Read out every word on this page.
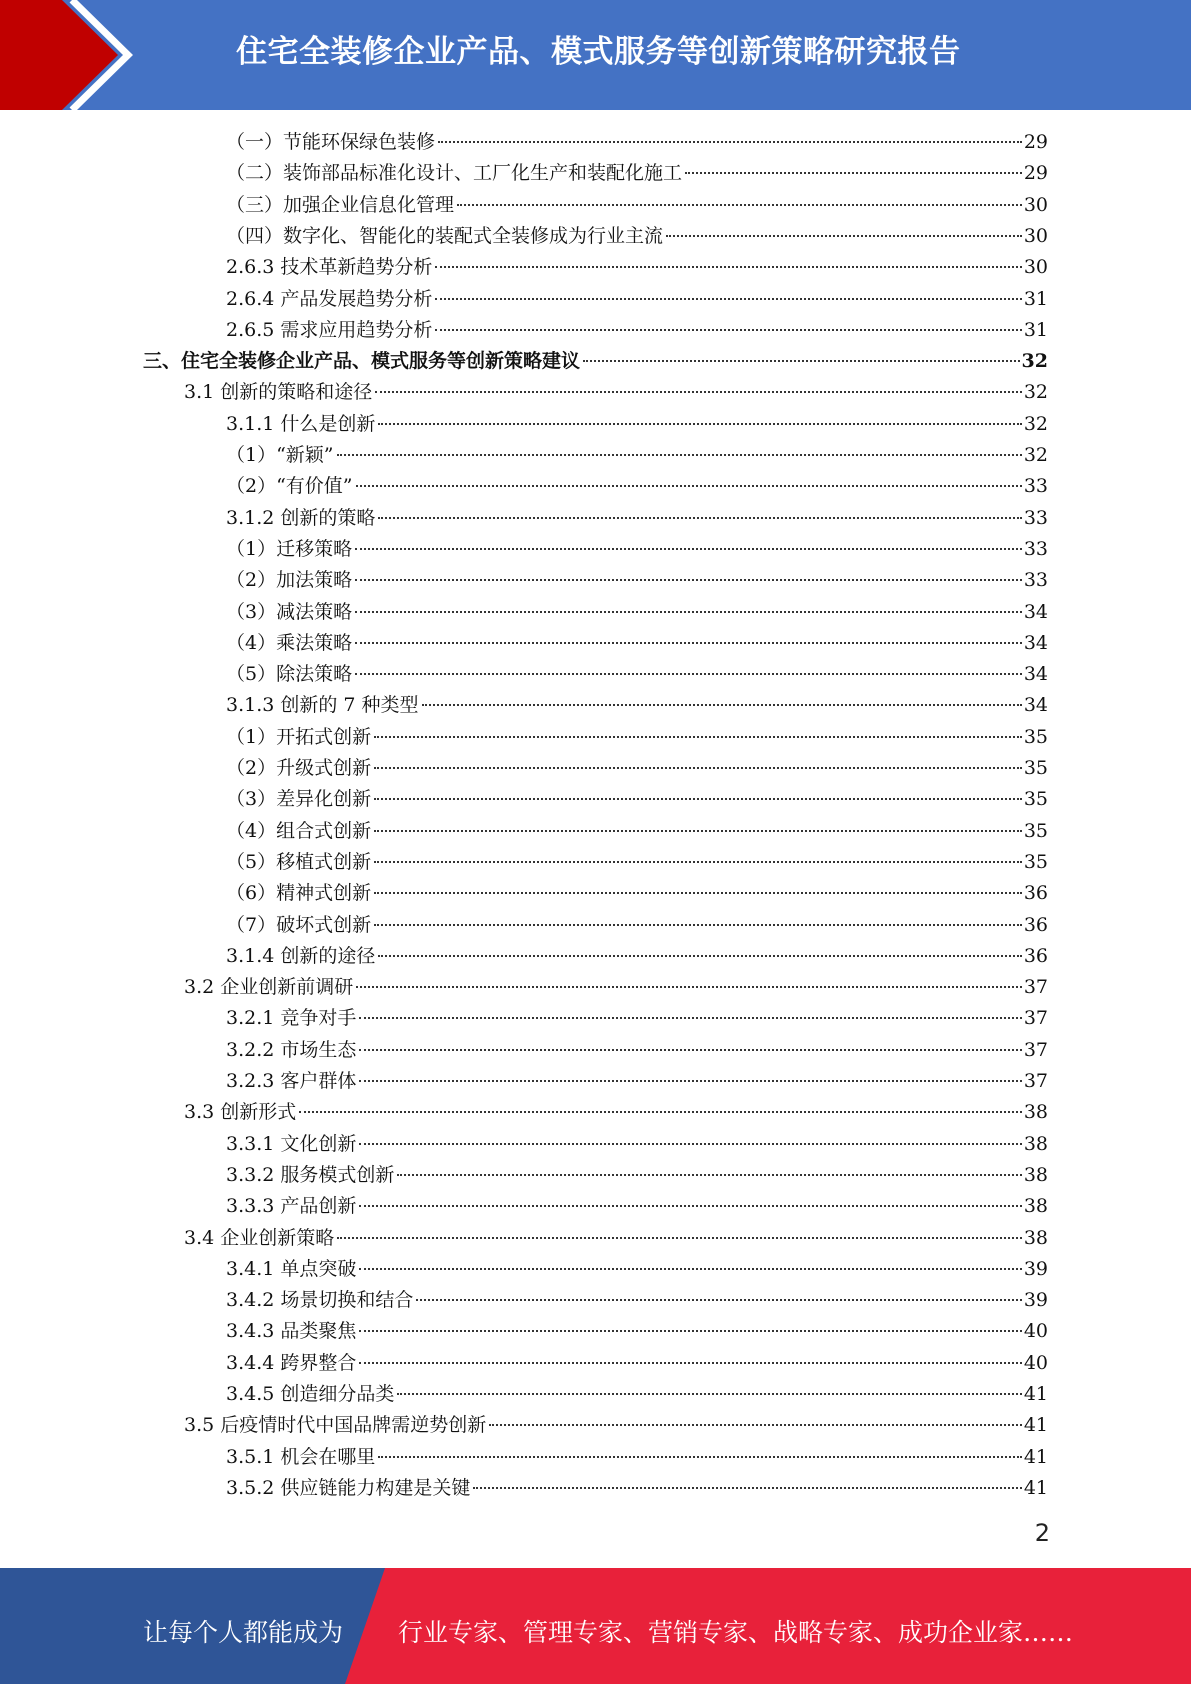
住宅全装修企业产品、模式服务等创新策略研究报告
（一）节能环保绿色装修	29
（二）装饰部品标准化设计、工厂化生产和装配化施工	29
（三）加强企业信息化管理	30
（四）数字化、智能化的装配式全装修成为行业主流	30
2.6.3 技术革新趋势分析	30
2.6.4 产品发展趋势分析	31
2.6.5 需求应用趋势分析	31
三、住宅全装修企业产品、模式服务等创新策略建议	32
3.1 创新的策略和途径	32
3.1.1 什么是创新	32
（1）“新颖”	32
（2）“有价值”	33
3.1.2 创新的策略	33
（1）迁移策略	33
（2）加法策略	33
（3）减法策略	34
（4）乘法策略	34
（5）除法策略	34
3.1.3 创新的 7 种类型	34
（1）开拓式创新	35
（2）升级式创新	35
（3）差异化创新	35
（4）组合式创新	35
（5）移植式创新	35
（6）精神式创新	36
（7）破坏式创新	36
3.1.4 创新的途径	36
3.2 企业创新前调研	37
3.2.1 竞争对手	37
3.2.2 市场生态	37
3.2.3 客户群体	37
3.3 创新形式	38
3.3.1 文化创新	38
3.3.2 服务模式创新	38
3.3.3 产品创新	38
3.4 企业创新策略	38
3.4.1 单点突破	39
3.4.2 场景切换和结合	39
3.4.3 品类聚焦	40
3.4.4 跨界整合	40
3.4.5 创造细分品类	41
3.5 后疫情时代中国品牌需逆势创新	41
3.5.1 机会在哪里	41
3.5.2 供应链能力构建是关键	41
2
让每个人都能成为 行业专家、管理专家、营销专家、战略专家、成功企业家……
